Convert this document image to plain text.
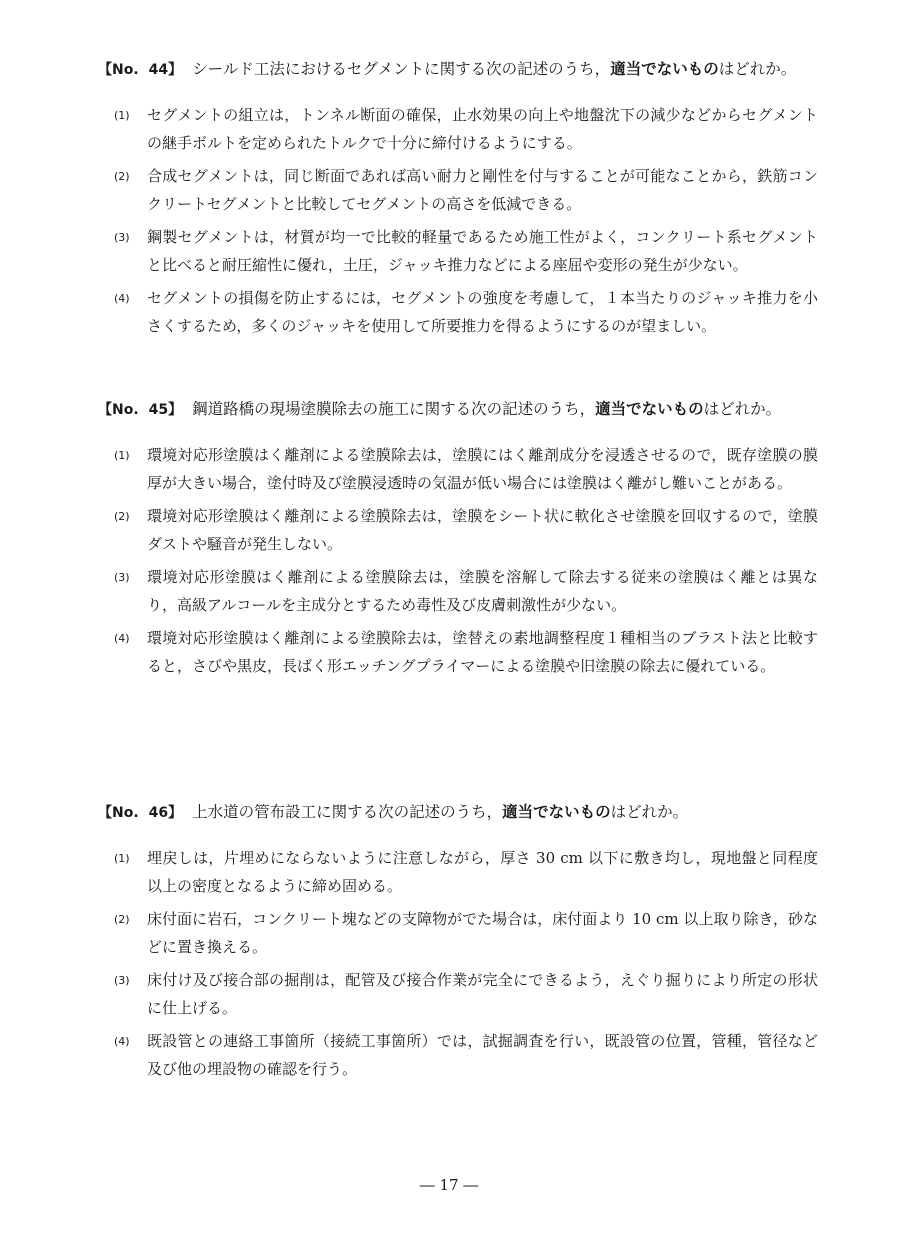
【No. 44】 シールド工法におけるセグメントに関する次の記述のうち，適当でないものはどれか。
(1) セグメントの組立は，トンネル断面の確保，止水効果の向上や地盤沈下の減少などからセグメントの継手ボルトを定められたトルクで十分に締付けるようにする。
(2) 合成セグメントは，同じ断面であれば高い耐力と剛性を付与することが可能なことから，鉄筋コンクリートセグメントと比較してセグメントの高さを低減できる。
(3) 鋼製セグメントは，材質が均一で比較的軽量であるため施工性がよく，コンクリート系セグメントと比べると耐圧縮性に優れ，土圧，ジャッキ推力などによる座屈や変形の発生が少ない。
(4) セグメントの損傷を防止するには，セグメントの強度を考慮して，１本当たりのジャッキ推力を小さくするため，多くのジャッキを使用して所要推力を得るようにするのが望ましい。
【No. 45】 鋼道路橋の現場塗膜除去の施工に関する次の記述のうち，適当でないものはどれか。
(1) 環境対応形塗膜はく離剤による塗膜除去は，塗膜にはく離剤成分を浸透させるので，既存塗膜の膜厚が大きい場合，塗付時及び塗膜浸透時の気温が低い場合には塗膜はく離がし難いことがある。
(2) 環境対応形塗膜はく離剤による塗膜除去は，塗膜をシート状に軟化させ塗膜を回収するので，塗膜ダストや騒音が発生しない。
(3) 環境対応形塗膜はく離剤による塗膜除去は，塗膜を溶解して除去する従来の塗膜はく離とは異なり，高級アルコールを主成分とするため毒性及び皮膚刺激性が少ない。
(4) 環境対応形塗膜はく離剤による塗膜除去は，塗替えの素地調整程度１種相当のブラスト法と比較すると，さびや黒皮，長ばく形エッチングプライマーによる塗膜や旧塗膜の除去に優れている。
【No. 46】 上水道の管布設工に関する次の記述のうち，適当でないものはどれか。
(1) 埋戻しは，片埋めにならないように注意しながら，厚さ 30 cm 以下に敷き均し，現地盤と同程度以上の密度となるように締め固める。
(2) 床付面に岩石，コンクリート塊などの支障物がでた場合は，床付面より 10 cm 以上取り除き，砂などに置き換える。
(3) 床付け及び接合部の掘削は，配管及び接合作業が完全にできるよう，えぐり掘りにより所定の形状に仕上げる。
(4) 既設管との連絡工事箇所（接続工事箇所）では，試掘調査を行い，既設管の位置，管種，管径など及び他の埋設物の確認を行う。
― 17 ―
